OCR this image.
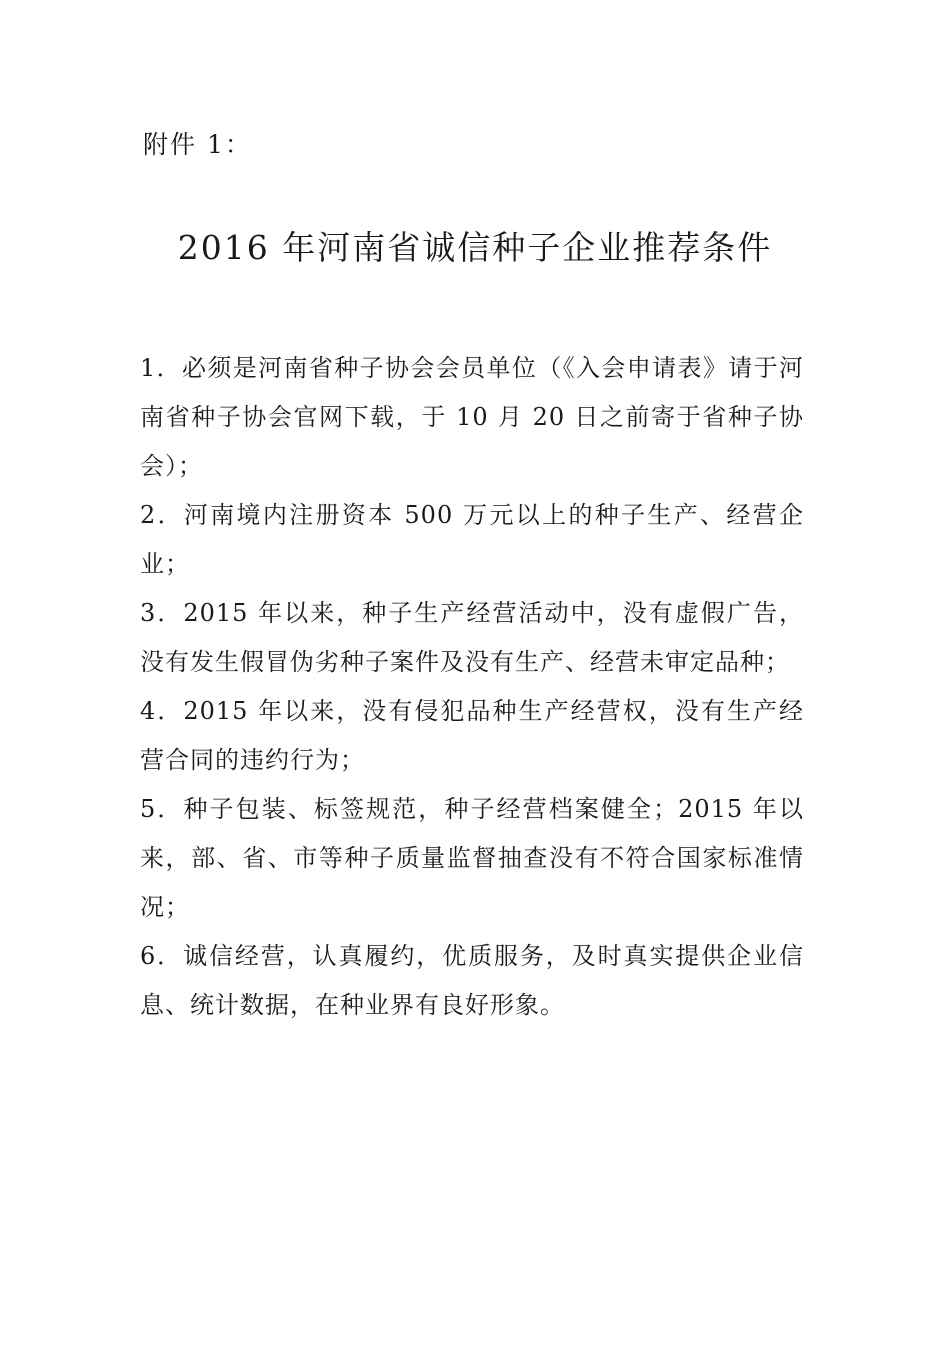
附件 1：
2016 年河南省诚信种子企业推荐条件

1．必须是河南省种子协会会员单位（《入会申请表》请于河南省种子协会官网下载，于 10 月 20 日之前寄于省种子协会）；

2．河南境内注册资本 500 万元以上的种子生产、经营企业；

3．2015 年以来，种子生产经营活动中，没有虚假广告，没有发生假冒伪劣种子案件及没有生产、经营未审定品种；

4．2015 年以来，没有侵犯品种生产经营权，没有生产经营合同的违约行为；

5．种子包装、标签规范，种子经营档案健全；2015 年以来，部、省、市等种子质量监督抽查没有不符合国家标准情况；

6．诚信经营，认真履约，优质服务，及时真实提供企业信息、统计数据，在种业界有良好形象。
